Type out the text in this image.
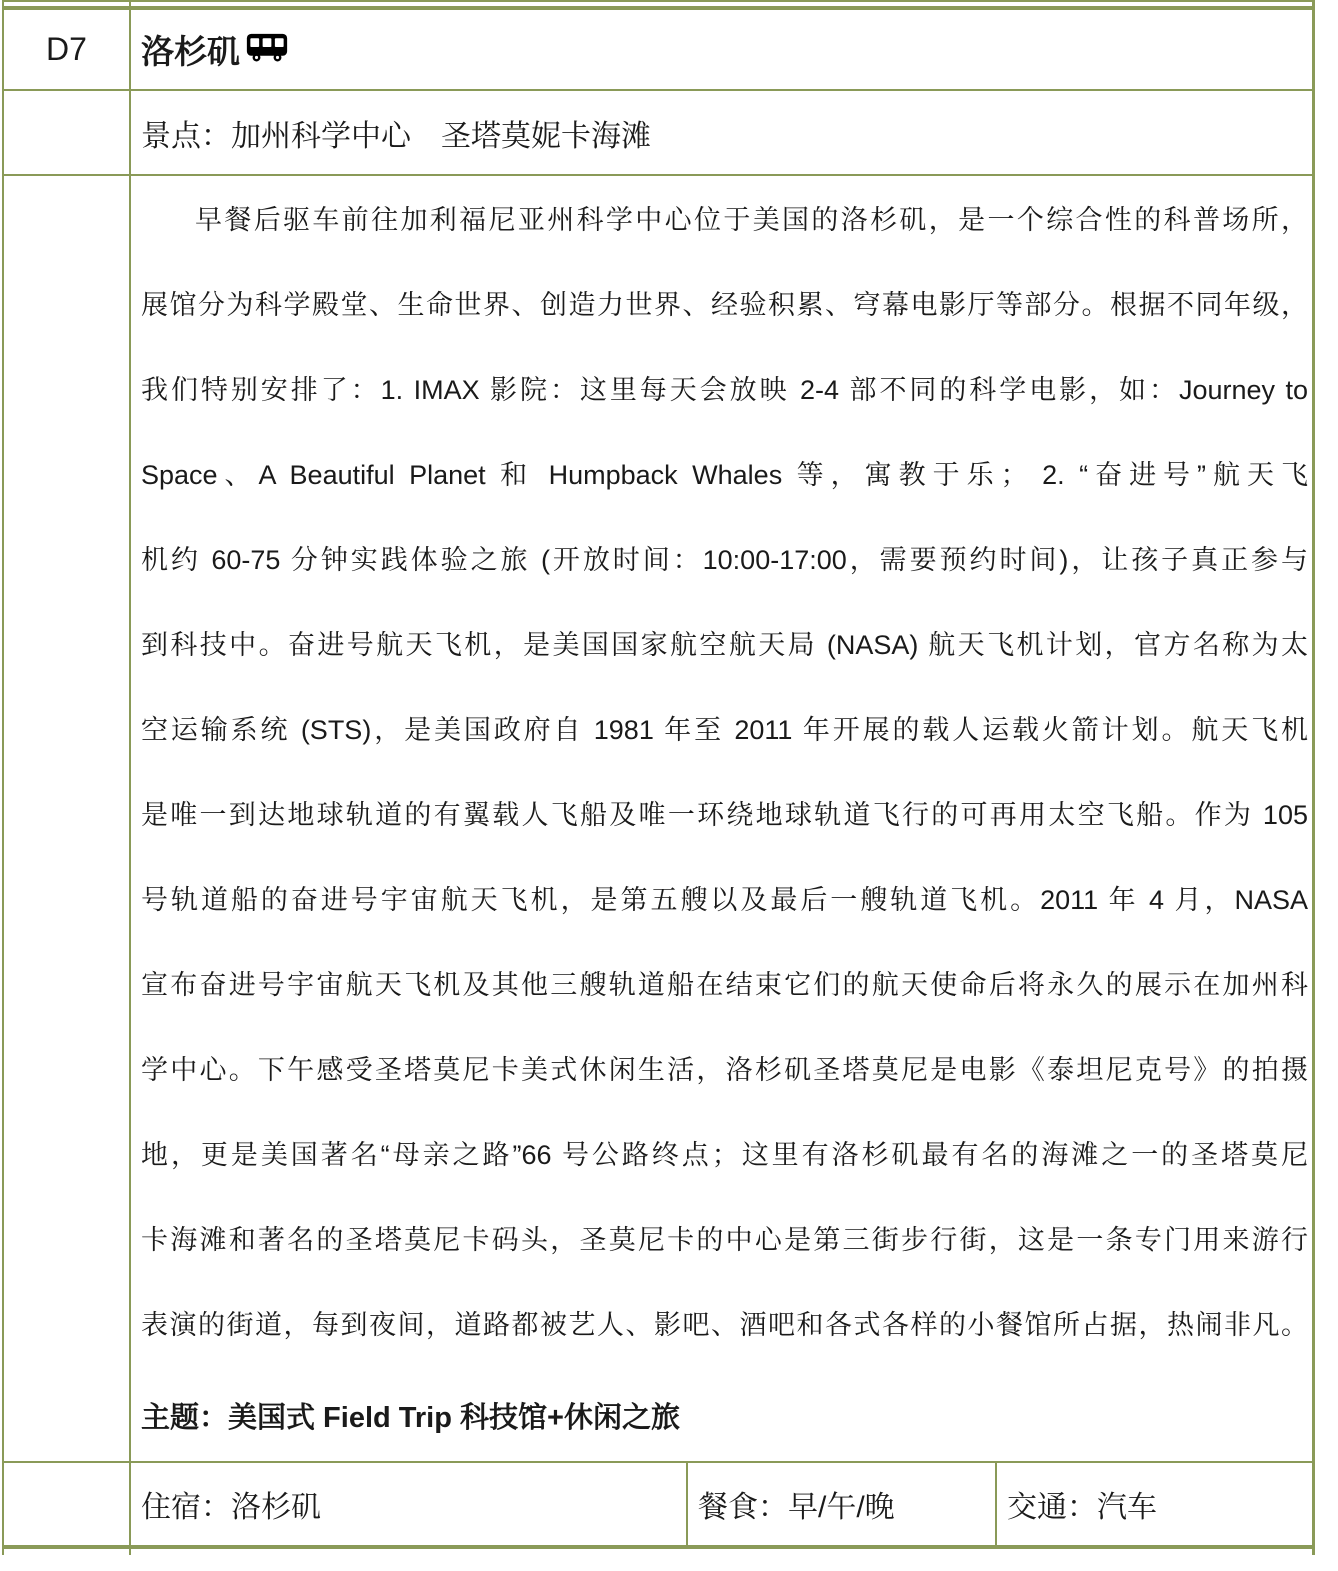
D7	洛杉矶
景点：加州科学中心　圣塔莫妮卡海滩
早餐后驱车前往加利福尼亚州科学中心位于美国的洛杉矶，是一个综合性的科普场所，
展馆分为科学殿堂、生命世界、创造力世界、经验积累、穹幕电影厅等部分。根据不同年级，
我们特别安排了：1. IMAX 影院：这里每天会放映 2-4 部不同的科学电影，如：Journey to
Space、A Beautiful Planet 和 Humpback Whales 等，寓教于乐； 2. “奋进号”航天飞
机约 60-75 分钟实践体验之旅 (开放时间：10:00-17:00，需要预约时间)，让孩子真正参与
到科技中。奋进号航天飞机，是美国国家航空航天局 (NASA) 航天飞机计划，官方名称为太
空运输系统 (STS)，是美国政府自 1981 年至 2011 年开展的载人运载火箭计划。航天飞机
是唯一到达地球轨道的有翼载人飞船及唯一环绕地球轨道飞行的可再用太空飞船。作为 105
号轨道船的奋进号宇宙航天飞机，是第五艘以及最后一艘轨道飞机。2011 年 4 月，NASA
宣布奋进号宇宙航天飞机及其他三艘轨道船在结束它们的航天使命后将永久的展示在加州科
学中心。下午感受圣塔莫尼卡美式休闲生活，洛杉矶圣塔莫尼是电影《泰坦尼克号》的拍摄
地，更是美国著名“母亲之路”66 号公路终点；这里有洛杉矶最有名的海滩之一的圣塔莫尼
卡海滩和著名的圣塔莫尼卡码头，圣莫尼卡的中心是第三街步行街，这是一条专门用来游行
表演的街道，每到夜间，道路都被艺人、影吧、酒吧和各式各样的小餐馆所占据，热闹非凡。
主题：美国式 Field Trip 科技馆+休闲之旅
住宿：洛杉矶	餐食：早/午/晚	交通：汽车
